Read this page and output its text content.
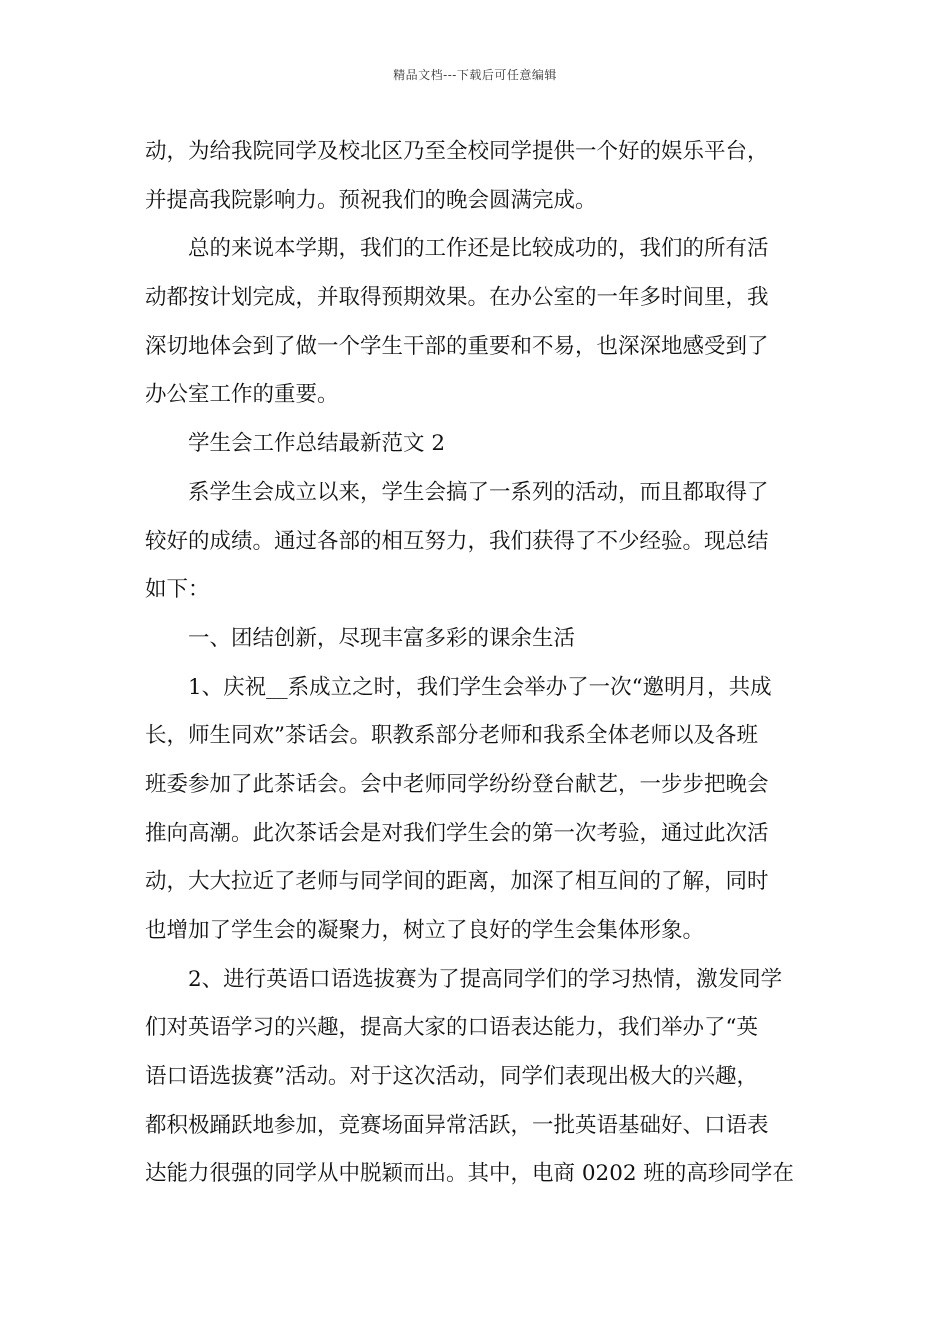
精品文档---下载后可任意编辑
动，为给我院同学及校北区乃至全校同学提供一个好的娱乐平台，
并提高我院影响力。预祝我们的晚会圆满完成。
总的来说本学期，我们的工作还是比较成功的，我们的所有活
动都按计划完成，并取得预期效果。在办公室的一年多时间里，我
深切地体会到了做一个学生干部的重要和不易，也深深地感受到了
办公室工作的重要。
学生会工作总结最新范文 2
系学生会成立以来，学生会搞了一系列的活动，而且都取得了
较好的成绩。通过各部的相互努力，我们获得了不少经验。现总结
如下：
一、团结创新，尽现丰富多彩的课余生活
1、庆祝__系成立之时，我们学生会举办了一次“邀明月，共成
长，师生同欢”茶话会。职教系部分老师和我系全体老师以及各班
班委参加了此茶话会。会中老师同学纷纷登台献艺，一步步把晚会
推向高潮。此次茶话会是对我们学生会的第一次考验，通过此次活
动，大大拉近了老师与同学间的距离，加深了相互间的了解，同时
也增加了学生会的凝聚力，树立了良好的学生会集体形象。
2、进行英语口语选拔赛为了提高同学们的学习热情，激发同学
们对英语学习的兴趣，提高大家的口语表达能力，我们举办了“英
语口语选拔赛”活动。对于这次活动，同学们表现出极大的兴趣，
都积极踊跃地参加，竞赛场面异常活跃，一批英语基础好、口语表
达能力很强的同学从中脱颖而出。其中，电商 0202 班的高珍同学在
